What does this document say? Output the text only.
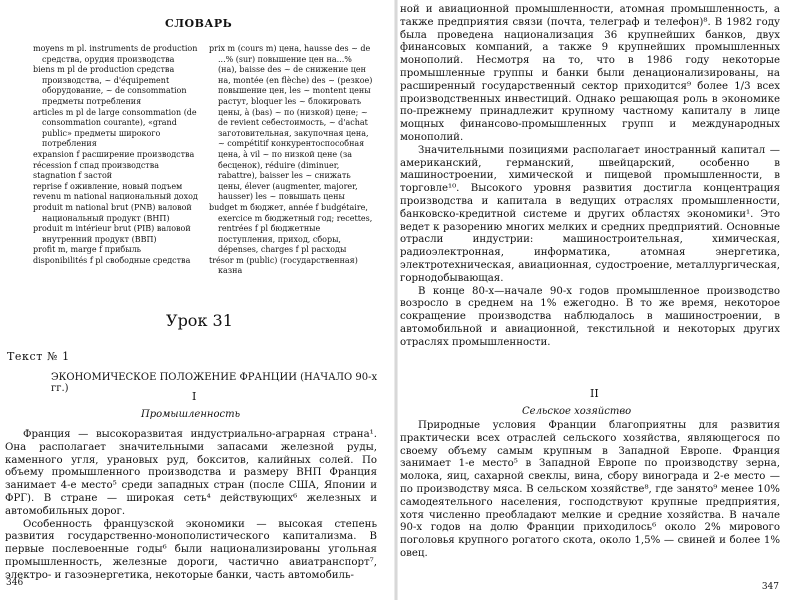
СЛОВАРЬ
moyens m pl. instruments de production средства, орудия производства
biens m pl de production средства производства, ~ d'équipement оборудование, ~ de consommation предметы потребления
articles m pl de large consommation (de consommation courante), «grand public» предметы широкого потребления
expansion f расширение производства
récession f спад производства
stagnation f застой
reprise f оживление, новый подъем
revenu m national национальный доход
produit m national brut (PNB) валовой национальный продукт (ВНП)
produit m intérieur brut (PIB) валовой внутренний продукт (ВВП)
profit m, marge f прибыль
disponibilités f pl свободные средства
prix m (cours m) цена, hausse des ~ de ...% (sur) повышение цен на...% (на), baisse des ~ de снижение цен на, montée (en flèche) des ~ (резкое) повышение цен, les ~ montent цены растут, bloquer les ~ блокировать цены, à (bas) ~ по (низкой) цене; ~ de revient себестоимость, ~ d'achat заготовительная, закупочная цена, ~ compétitif конкурентоспособная цена, à vil ~ по низкой цене (за бесценок), réduire (diminuer, rabattre), baisser les ~ снижать цены, élever (augmenter, majorer, hausser) les ~ повышать цены
budget m бюджет, année f budgétaire, exercice m бюджетный год; recettes, rentrées f pl бюджетные поступления, приход, сборы, dépenses, charges f pl расходы
trésor m (public) (государственная) казна
Урок 31
Текст № 1
ЭКОНОМИЧЕСКОЕ ПОЛОЖЕНИЕ ФРАНЦИИ (НАЧАЛО 90-х гг.)
I
Промышленность

Франция — высокоразвитая индустриально-аграрная страна¹. Она располагает значительными запасами железной руды, каменного угля, урановых руд, бокситов, калийных солей. По объему промышленного производства и размеру ВНП Франция занимает 4-е место⁵ среди западных стран (после США, Японии и ФРГ). В стране — широкая сеть⁴ действующих⁶ железных и автомобильных дорог.

Особенность французской экономики — высокая степень развития государственно-монополистического капитализма. В первые послевоенные годы⁶ были национализированы угольная промышленность, железные дороги, частично авиатранспорт⁷, электро- и газоэнергетика, некоторые банки, часть автомобиль-

346

ной и авиационной промышленности, атомная промышленность, а также предприятия связи (почта, телеграф и телефон)⁸. В 1982 году была проведена национализация 36 крупнейших банков, двух финансовых компаний, а также 9 крупнейших промышленных монополий. Несмотря на то, что в 1986 году некоторые промышленные группы и банки были денационализированы, на расширенный государственный сектор приходится⁹ более 1/3 всех производственных инвестиций. Однако решающая роль в экономике по-прежнему принадлежит крупному частному капиталу в лице мощных финансово-промышленных групп и международных монополий.

Значительными позициями располагает иностранный капитал — американский, германский, швейцарский, особенно в машиностроении, химической и пищевой промышленности, в торговле¹⁰. Высокого уровня развития достигла концентрация производства и капитала в ведущих отраслях промышленности, банковско-кредитной системе и других областях экономики¹. Это ведет к разорению многих мелких и средних предприятий. Основные отрасли индустрии: машиностроительная, химическая, радиоэлектронная, информатика, атомная энергетика, электротехническая, авиационная, судостроение, металлургическая, горнодобывающая.

В конце 80-х—начале 90-х годов промышленное производство возросло в среднем на 1% ежегодно. В то же время, некоторое сокращение производства наблюдалось в машиностроении, в автомобильной и авиационной, текстильной и некоторых других отраслях промышленности.

II
Сельское хозяйство

Природные условия Франции благоприятны для развития практически всех отраслей сельского хозяйства, являющегося по своему объему самым крупным в Западной Европе. Франция занимает 1-е место⁵ в Западной Европе по производству зерна, молока, яиц, сахарной свеклы, вина, сбору винограда и 2-е место — по производству мяса. В сельском хозяйстве⁸, где занято⁹ менее 10% самодеятельного населения, господствуют крупные предприятия, хотя численно преобладают мелкие и средние хозяйства. В начале 90-х годов на долю Франции приходилось⁶ около 2% мирового поголовья крупного рогатого скота, около 1,5% — свиней и более 1% овец.

347
